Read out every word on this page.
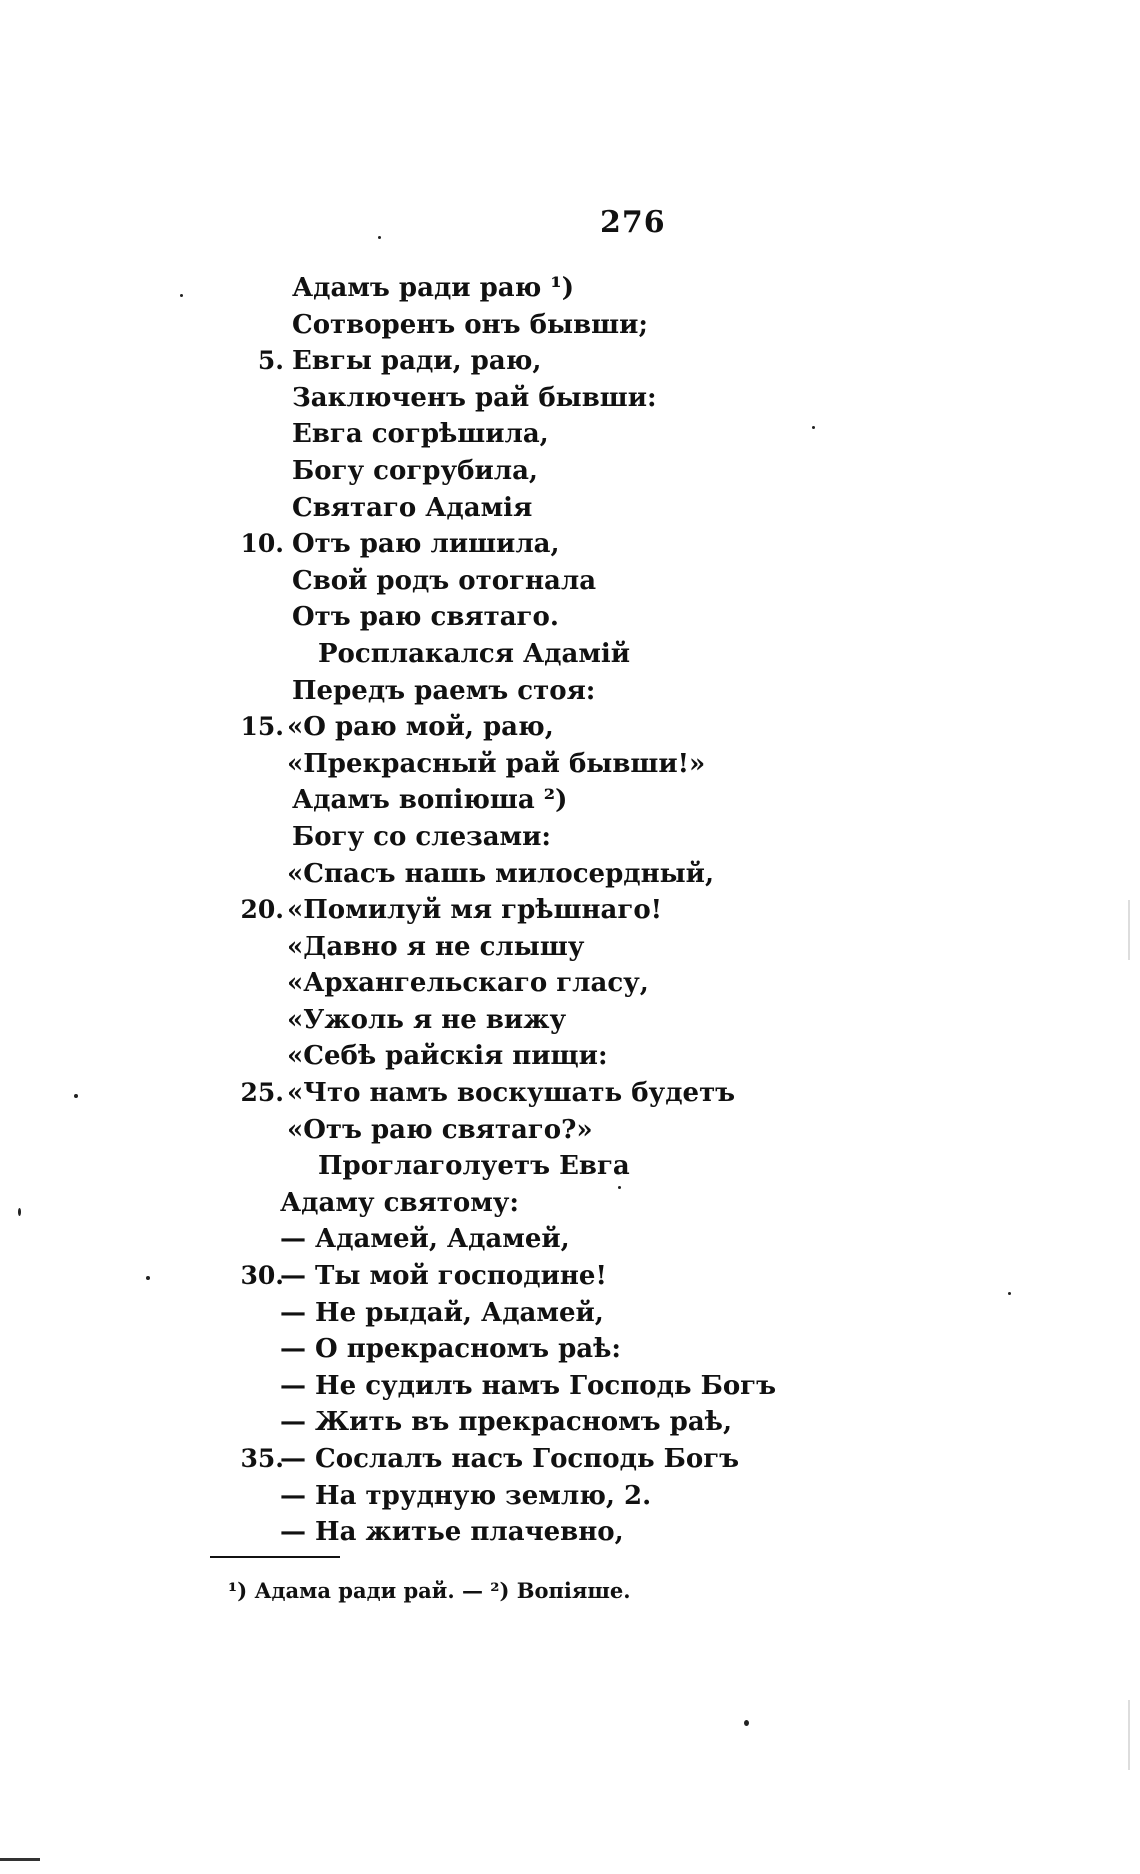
276
Адамъ ради раю ¹)
Сотворенъ онъ бывши;
5. Евгы ради, раю,
Заключенъ рай бывши:
Евга согрѣшила,
Богу согрубила,
Святаго Адамія
10. Отъ раю лишила,
Свой родъ отогнала
Отъ раю святаго.
Росплакался Адамій
Передъ раемъ стоя:
15. «О раю мой, раю,
«Прекрасный рай бывши!»
Адамъ вопіюша ²)
Богу со слезами:
«Спасъ нашь милосердный,
20. «Помилуй мя грѣшнаго!
«Давно я не слышу
«Архангельскаго гласу,
«Ужоль я не вижу
«Себѣ райскія пищи:
25. «Что намъ воскушать будетъ
«Отъ раю святаго?»
Проглаголуетъ Евга
Адаму святому:
— Адамей, Адамей,
30.
— Ты мой господине!
— Не рыдай, Адамей,
— О прекрасномъ раѣ:
— Не судилъ намъ Господь Богъ
— Жить въ прекрасномъ раѣ,
35.
— Сослалъ насъ Господь Богъ
— На трудную землю, 2.
— На житье плачевно,
¹) Адама ради рай. — ²) Вопіяше.
